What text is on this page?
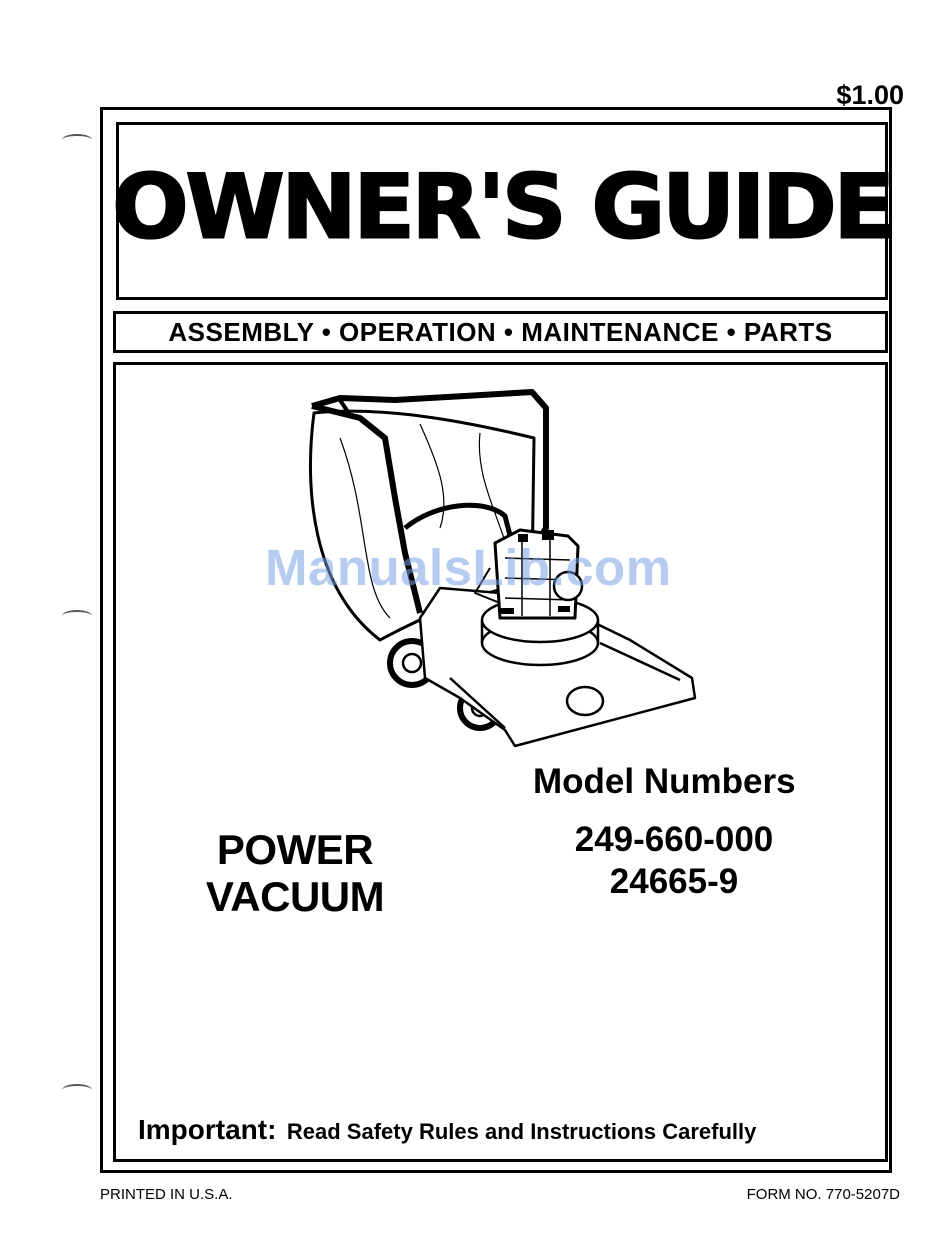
$1.00
OWNER'S GUIDE
ASSEMBLY • OPERATION • MAINTENANCE • PARTS
ManualsLib.com
Model Numbers
249-660-000
24665-9
POWER
VACUUM
Important: Read Safety Rules and Instructions Carefully
PRINTED IN U.S.A.	FORM NO. 770-5207D
